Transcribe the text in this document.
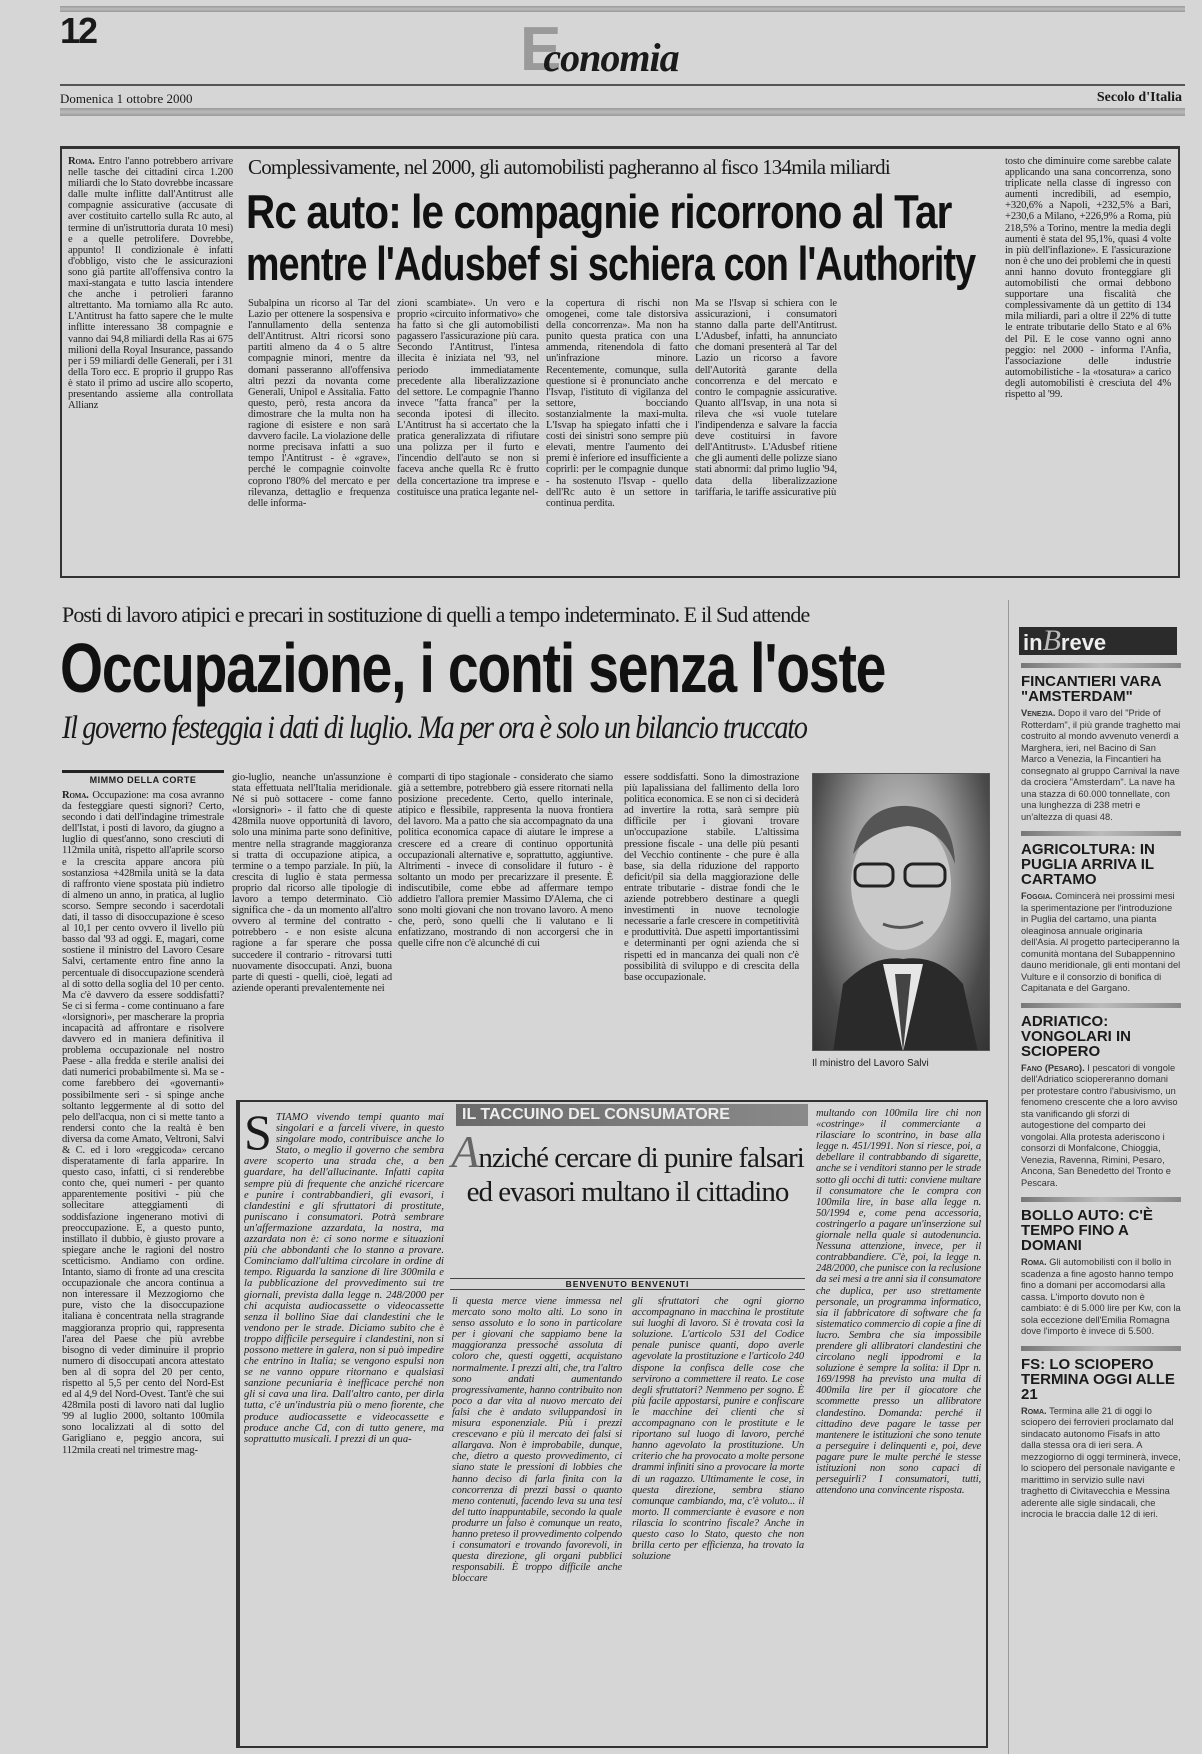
12	E
conomia
Domenica 1 ottobre 2000	Secolo d'Italia
Roma. Entro l'anno potrebbero arrivare nelle tasche dei cittadini circa 1.200 miliardi che lo Stato dovrebbe incassare dalle multe inflitte dall'Antitrust alle compagnie assicurative (accusate di aver costituito cartello sulla Rc auto, al termine di un'istruttoria durata 10 mesi) e a quelle petrolifere. Dovrebbe, appunto! Il condizionale è infatti d'obbligo, visto che le assicurazioni sono già partite all'offensiva contro la maxi-stangata e tutto lascia intendere che anche i petrolieri faranno altrettanto. Ma torniamo alla Rc auto. L'Antitrust ha fatto sapere che le multe inflitte interessano 38 compagnie e vanno dai 94,8 miliardi della Ras ai 675 milioni della Royal Insurance, passando per i 59 miliardi delle Generali, per i 31 della Toro ecc. E proprio il gruppo Ras è stato il primo ad uscire allo scoperto, presentando assieme alla controllata Allianz
Complessivamente, nel 2000, gli automobilisti pagheranno al fisco 134mila miliardi
Rc auto: le compagnie ricorrono al Tar
mentre l'Adusbef si schiera con l'Authority
Subalpina un ricorso al Tar del Lazio per ottenere la sospensiva e l'annullamento della sentenza dell'Antitrust. Altri ricorsi sono partiti almeno da 4 o 5 altre compagnie minori, mentre da domani passeranno all'offensiva altri pezzi da novanta come Generali, Unipol e Assitalia. Fatto questo, però, resta ancora da dimostrare che la multa non ha ragione di esistere e non sarà davvero facile. La violazione delle norme precisava infatti a suo tempo l'Antitrust - è «grave», perché le compagnie coinvolte coprono l'80% del mercato e per rilevanza, dettaglio e frequenza delle informa-
zioni scambiate». Un vero e proprio «circuito informativo» che ha fatto sì che gli automobilisti pagassero l'assicurazione più cara. Secondo l'Antitrust, l'intesa illecita è iniziata nel '93, nel periodo immediatamente precedente alla liberalizzazione del settore. Le compagnie l'hanno invece "fatta franca" per la seconda ipotesi di illecito. L'Antitrust ha sì accertato che la pratica generalizzata di rifiutare una polizza per il furto e l'incendio dell'auto se non si faceva anche quella Rc è frutto della concertazione tra imprese e costituisce una pratica legante nel-
la copertura di rischi non omogenei, come tale distorsiva della concorrenza». Ma non ha punito questa pratica con una ammenda, ritenendola di fatto un'infrazione minore. Recentemente, comunque, sulla questione si è pronunciato anche l'Isvap, l'istituto di vigilanza del settore, bocciando sostanzialmente la maxi-multa. L'Isvap ha spiegato infatti che i costi dei sinistri sono sempre più elevati, mentre l'aumento dei premi è inferiore ed insufficiente a coprirli: per le compagnie dunque - ha sostenuto l'Isvap - quello dell'Rc auto è un settore in continua perdita.
Ma se l'Isvap si schiera con le assicurazioni, i consumatori stanno dalla parte dell'Antitrust. L'Adusbef, infatti, ha annunciato che domani presenterà al Tar del Lazio un ricorso a favore dell'Autorità garante della concorrenza e del mercato e contro le compagnie assicurative. Quanto all'Isvap, in una nota si rileva che «si vuole tutelare l'indipendenza e salvare la faccia deve costituirsi in favore dell'Antitrust». L'Adusbef ritiene che gli aumenti delle polizze siano stati abnormi: dal primo luglio '94, data della liberalizzazione tariffaria, le tariffe assicurative più
tosto che diminuire come sarebbe calate applicando una sana concorrenza, sono triplicate nella classe di ingresso con aumenti incredibili, ad esempio, +320,6% a Napoli, +232,5% a Bari, +230,6 a Milano, +226,9% a Roma, più 218,5% a Torino, mentre la media degli aumenti è stata del 95,1%, quasi 4 volte in più dell'inflazione». E l'assicurazione non è che uno dei problemi che in questi anni hanno dovuto fronteggiare gli automobilisti che ormai debbono supportare una fiscalità che complessivamente dà un gettito di 134 mila miliardi, pari a oltre il 22% di tutte le entrate tributarie dello Stato e al 6% del Pil. E le cose vanno ogni anno peggio: nel 2000 - informa l'Anfia, l'associazione delle industrie automobilistiche - la «tosatura» a carico degli automobilisti è cresciuta del 4% rispetto al '99.
Posti di lavoro atipici e precari in sostituzione di quelli a tempo indeterminato. E il Sud attende
Occupazione, i conti senza l'oste
Il governo festeggia i dati di luglio. Ma per ora è solo un bilancio truccato
MIMMO DELLA CORTE
Roma. Occupazione: ma cosa avranno da festeggiare questi signori? Certo, secondo i dati dell'indagine trimestrale dell'Istat, i posti di lavoro, da giugno a luglio di quest'anno, sono cresciuti di 112mila unità, rispetto all'aprile scorso e la crescita appare ancora più sostanziosa +428mila unità se la data di raffronto viene spostata più indietro di almeno un anno, in pratica, al luglio scorso. Sempre secondo i sacerdotali dati, il tasso di disoccupazione è sceso al 10,1 per cento ovvero il livello più basso dal '93 ad oggi. E, magari, come sostiene il ministro del Lavoro Cesare Salvi, certamente entro fine anno la percentuale di disoccupazione scenderà al di sotto della soglia del 10 per cento. Ma c'è davvero da essere soddisfatti? Se ci si ferma - come continuano a fare «lorsignori», per mascherare la propria incapacità ad affrontare e risolvere davvero ed in maniera definitiva il problema occupazionale nel nostro Paese - alla fredda e sterile analisi dei dati numerici probabilmente sì. Ma se - come farebbero dei «governanti» possibilmente seri - si spinge anche soltanto leggermente al di sotto del pelo dell'acqua, non ci si mette tanto a rendersi conto che la realtà è ben diversa da come Amato, Veltroni, Salvi & C. ed i loro «reggicoda» cercano disperatamente di farla apparire. In questo caso, infatti, ci si renderebbe conto che, quei numeri - per quanto apparentemente positivi - più che sollecitare atteggiamenti di soddisfazione ingenerano motivi di preoccupazione. E, a questo punto, instillato il dubbio, è giusto provare a spiegare anche le ragioni del nostro scetticismo. Andiamo con ordine. Intanto, siamo di fronte ad una crescita occupazionale che ancora continua a non interessare il Mezzogiorno che pure, visto che la disoccupazione italiana è concentrata nella stragrande maggioranza proprio qui, rappresenta l'area del Paese che più avrebbe bisogno di veder diminuire il proprio numero di disoccupati ancora attestato ben al di sopra del 20 per cento, rispetto al 5,5 per cento del Nord-Est ed al 4,9 del Nord-Ovest. Tant'è che sui 428mila posti di lavoro nati dal luglio '99 al luglio 2000, soltanto 100mila sono localizzati al di sotto del Garigliano e, peggio ancora, sui 112mila creati nel trimestre mag-
gio-luglio, neanche un'assunzione è stata effettuata nell'Italia meridionale. Né si può sottacere - come fanno «lorsignori» - il fatto che di queste 428mila nuove opportunità di lavoro, solo una minima parte sono definitive, mentre nella stragrande maggioranza si tratta di occupazione atipica, a termine o a tempo parziale. In più, la crescita di luglio è stata permessa proprio dal ricorso alle tipologie di lavoro a tempo determinato. Ciò significa che - da un momento all'altro ovvero al termine del contratto - potrebbero - e non esiste alcuna ragione a far sperare che possa succedere il contrario - ritrovarsi tutti nuovamente disoccupati. Anzi, buona parte di questi - quelli, cioè, legati ad aziende operanti prevalentemente nei
comparti di tipo stagionale - considerato che siamo già a settembre, potrebbero già essere ritornati nella posizione precedente. Certo, quello interinale, atipico e flessibile, rappresenta la nuova frontiera del lavoro. Ma a patto che sia accompagnato da una politica economica capace di aiutare le imprese a crescere ed a creare di continuo opportunità occupazionali alternative e, soprattutto, aggiuntive. Altrimenti - invece di consolidare il futuro - è soltanto un modo per precarizzare il presente. È indiscutibile, come ebbe ad affermare tempo addietro l'allora premier Massimo D'Alema, che ci sono molti giovani che non trovano lavoro. A meno che, però, sono quelli che li valutano e li enfatizzano, mostrando di non accorgersi che in quelle cifre non c'è alcunché di cui
essere soddisfatti. Sono la dimostrazione più lapalissiana del fallimento della loro politica economica. E se non ci si deciderà ad invertire la rotta, sarà sempre più difficile per i giovani trovare un'occupazione stabile. L'altissima pressione fiscale - una delle più pesanti del Vecchio continente - che pure è alla base, sia della riduzione del rapporto deficit/pil sia della maggiorazione delle entrate tributarie - distrae fondi che le aziende potrebbero destinare a quegli investimenti in nuove tecnologie necessarie a farle crescere in competitività e produttività. Due aspetti importantissimi e determinanti per ogni azienda che si rispetti ed in mancanza dei quali non c'è possibilità di sviluppo e di crescita della base occupazionale.
Il ministro del Lavoro Salvi
S TIAMO vivendo tempi quanto mai singolari e a farceli vivere, in questo singolare modo, contribuisce anche lo Stato, o meglio il governo che sembra avere scoperto una strada che, a ben guardare, ha dell'allucinante. Infatti capita sempre più di frequente che anziché ricercare e punire i contrabbandieri, gli evasori, i clandestini e gli sfruttatori di prostitute, puniscano i consumatori. Potrà sembrare un'affermazione azzardata, la nostra, ma azzardata non è: ci sono norme e situazioni più che abbondanti che lo stanno a provare. Cominciamo dall'ultima circolare in ordine di tempo. Riguarda la sanzione di lire 300mila e la pubblicazione del provvedimento sui tre giornali, prevista dalla legge n. 248/2000 per chi acquista audiocassette o videocassette senza il bollino Siae dai clandestini che le vendono per le strade. Diciamo subito che è troppo difficile perseguire i clandestini, non si possono mettere in galera, non si può impedire che entrino in Italia; se vengono espulsi non se ne vanno oppure ritornano e qualsiasi sanzione pecuniaria è inefficace perché non gli si cava una lira. Dall'altro canto, per dirla tutta, c'è un'industria più o meno fiorente, che produce audiocassette e videocassette e produce anche Cd, con di tutto genere, ma soprattutto musicali. I prezzi di un qua-
IL TACCUINO DEL CONSUMATORE
Anziché cercare di punire falsari ed evasori multano il cittadino
BENVENUTO BENVENUTI
li questa merce viene immessa nel mercato sono molto alti. Lo sono in senso assoluto e lo sono in particolare per i giovani che sappiamo bene la maggioranza pressoché assoluta di coloro che, questi oggetti, acquistano normalmente. I prezzi alti, che, tra l'altro sono andati aumentando progressivamente, hanno contribuito non poco a dar vita al nuovo mercato dei falsi che è andato sviluppandosi in misura esponenziale. Più i prezzi crescevano e più il mercato dei falsi si allargava. Non è improbabile, dunque, che, dietro a questo provvedimento, ci siano state le pressioni di lobbies che hanno deciso di farla finita con la concorrenza di prezzi bassi o quanto meno contenuti, facendo leva su una tesi del tutto inappuntabile, secondo la quale produrre un falso è comunque un reato, hanno preteso il provvedimento colpendo i consumatori e trovando favorevoli, in questa direzione, gli organi pubblici responsabili. È troppo difficile anche bloccare
gli sfruttatori che ogni giorno accompagnano in macchina le prostitute sui luoghi di lavoro. Si è trovata così la soluzione. L'articolo 531 del Codice penale punisce quanti, dopo averle agevolate la prostituzione e l'articolo 240 dispone la confisca delle cose che servirono a commettere il reato. Le cose degli sfruttatori? Nemmeno per sogno. È più facile appostarsi, punire e confiscare le macchine dei clienti che si accompagnano con le prostitute e le riportano sul luogo di lavoro, perché hanno agevolato la prostituzione. Un criterio che ha provocato a molte persone drammi infiniti sino a provocare la morte di un ragazzo. Ultimamente le cose, in questa direzione, sembra stiano comunque cambiando, ma, c'è voluto... il morto. Il commerciante è evasore e non rilascia lo scontrino fiscale? Anche in questo caso lo Stato, questo che non brilla certo per efficienza, ha trovato la soluzione
multando con 100mila lire chi non «costringe» il commerciante a rilasciare lo scontrino, in base alla legge n. 451/1991. Non si riesce, poi, a debellare il contrabbando di sigarette, anche se i venditori stanno per le strade sotto gli occhi di tutti: conviene multare il consumatore che le compra con 100mila lire, in base alla legge n. 50/1994 e, come pena accessoria, costringerlo a pagare un'inserzione sul giornale nella quale si autodenuncia. Nessuna attenzione, invece, per il contrabbandiere. C'è, poi, la legge n. 248/2000, che punisce con la reclusione da sei mesi a tre anni sia il consumatore che duplica, per uso strettamente personale, un programma informatico, sia il fabbricatore di software che fa sistematico commercio di copie a fine di lucro. Sembra che sia impossibile prendere gli allibratori clandestini che circolano negli ippodromi e la soluzione è sempre la solita: il Dpr n. 169/1998 ha previsto una multa di 400mila lire per il giocatore che scommette presso un allibratore clandestino. Domanda: perché il cittadino deve pagare le tasse per mantenere le istituzioni che sono tenute a perseguire i delinquenti e, poi, deve pagare pure le multe perché le stesse istituzioni non sono capaci di perseguirli? I consumatori, tutti, attendono una convincente risposta.
inBreve
FINCANTIERI VARA "AMSTERDAM"
Venezia. Dopo il varo del "Pride of Rotterdam", il più grande traghetto mai costruito al mondo avvenuto venerdì a Marghera, ieri, nel Bacino di San Marco a Venezia, la Fincantieri ha consegnato al gruppo Carnival la nave da crociera "Amsterdam". La nave ha una stazza di 60.000 tonnellate, con una lunghezza di 238 metri e un'altezza di quasi 48.
AGRICOLTURA: IN PUGLIA ARRIVA IL CARTAMO
Foggia. Comincerà nei prossimi mesi la sperimentazione per l'introduzione in Puglia del cartamo, una pianta oleaginosa annuale originaria dell'Asia. Al progetto parteciperanno la comunità montana del Subappennino dauno meridionale, gli enti montani del Vulture e il consorzio di bonifica di Capitanata e del Gargano.
ADRIATICO: VONGOLARI IN SCIOPERO
Fano (Pesaro). I pescatori di vongole dell'Adriatico sciopereranno domani per protestare contro l'abusivismo, un fenomeno crescente che a loro avviso sta vanificando gli sforzi di autogestione del comparto dei vongolai. Alla protesta aderiscono i consorzi di Monfalcone, Chioggia, Venezia, Ravenna, Rimini, Pesaro, Ancona, San Benedetto del Tronto e Pescara.
BOLLO AUTO: C'È TEMPO FINO A DOMANI
Roma. Gli automobilisti con il bollo in scadenza a fine agosto hanno tempo fino a domani per accomodarsi alla cassa. L'importo dovuto non è cambiato: è di 5.000 lire per Kw, con la sola eccezione dell'Emilia Romagna dove l'importo è invece di 5.500.
FS: LO SCIOPERO TERMINA OGGI ALLE 21
Roma. Termina alle 21 di oggi lo sciopero dei ferrovieri proclamato dal sindacato autonomo Fisafs in atto dalla stessa ora di ieri sera. A mezzogiorno di oggi terminerà, invece, lo sciopero del personale navigante e marittimo in servizio sulle navi traghetto di Civitavecchia e Messina aderente alle sigle sindacali, che incrocia le braccia dalle 12 di ieri.
